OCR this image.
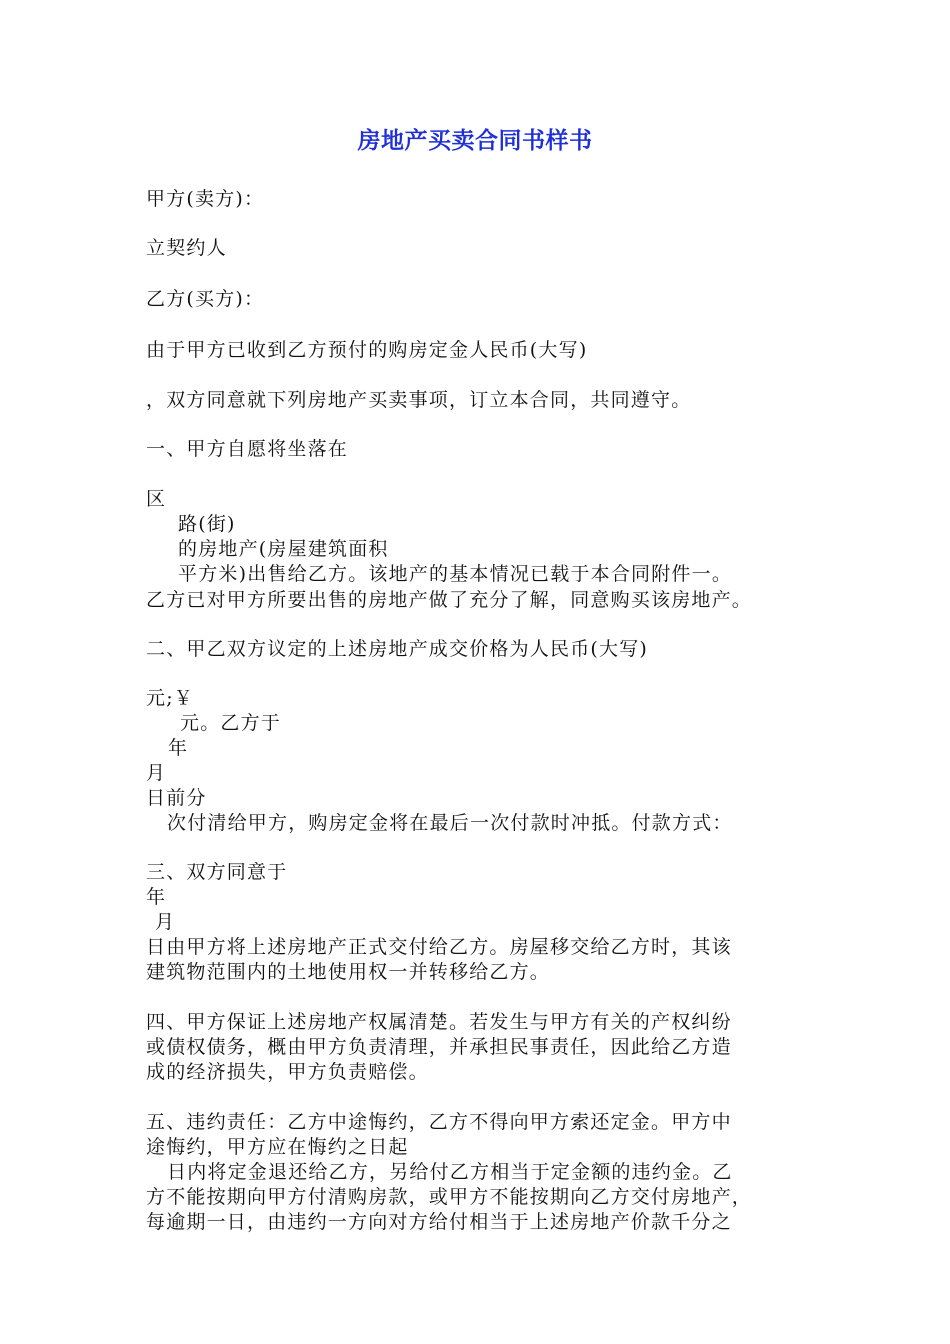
房地产买卖合同书样书
甲方(卖方)：
立契约人
乙方(买方)：
由于甲方已收到乙方预付的购房定金人民币(大写)
，双方同意就下列房地产买卖事项，订立本合同，共同遵守。
一、甲方自愿将坐落在
区
路(街)
的房地产(房屋建筑面积
平方米)出售给乙方。该地产的基本情况已载于本合同附件一。
乙方已对甲方所要出售的房地产做了充分了解，同意购买该房地产。
二、甲乙双方议定的上述房地产成交价格为人民币(大写)
元;￥
元。乙方于
年
月
日前分
次付清给甲方，购房定金将在最后一次付款时冲抵。付款方式：
三、双方同意于
年
月
日由甲方将上述房地产正式交付给乙方。房屋移交给乙方时，其该
建筑物范围内的土地使用权一并转移给乙方。
四、甲方保证上述房地产权属清楚。若发生与甲方有关的产权纠纷
或债权债务，概由甲方负责清理，并承担民事责任，因此给乙方造
成的经济损失，甲方负责赔偿。
五、违约责任：乙方中途悔约，乙方不得向甲方索还定金。甲方中
途悔约，甲方应在悔约之日起
日内将定金退还给乙方，另给付乙方相当于定金额的违约金。乙
方不能按期向甲方付清购房款，或甲方不能按期向乙方交付房地产，
每逾期一日，由违约一方向对方给付相当于上述房地产价款千分之
